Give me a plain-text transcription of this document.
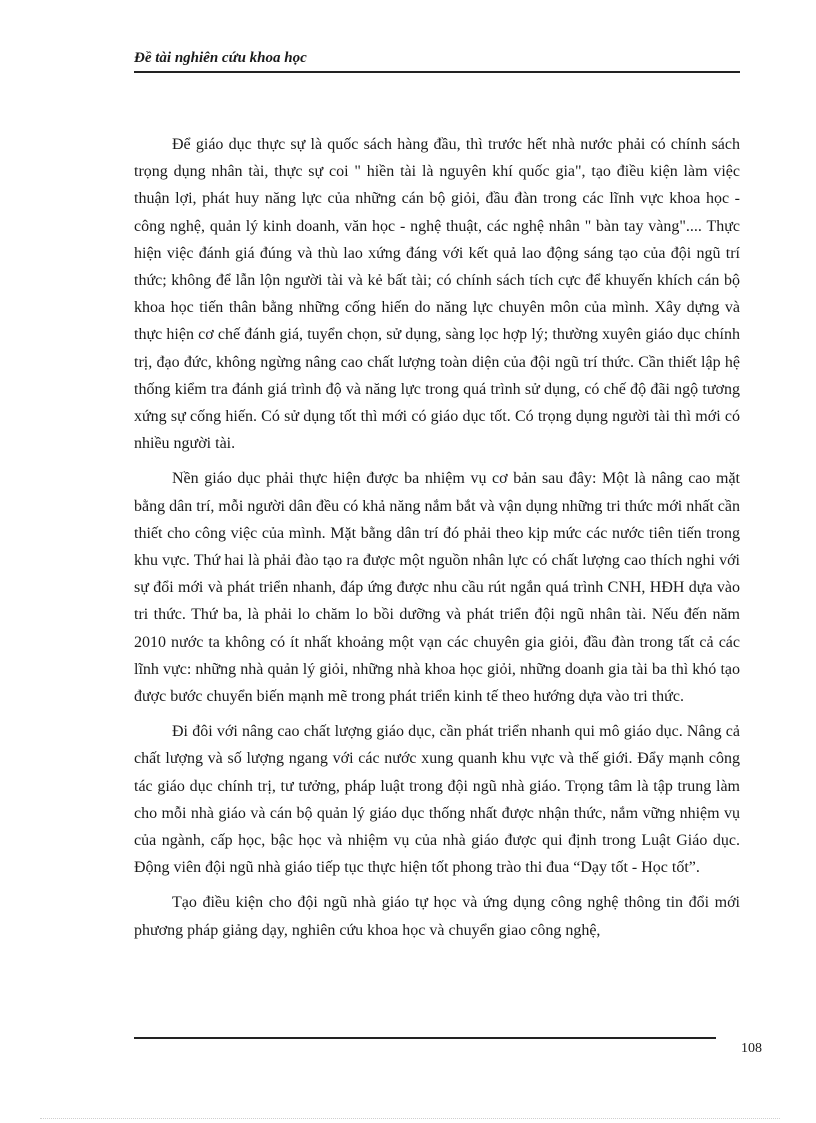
Đề tài nghiên cứu khoa học

Để giáo dục thực sự là quốc sách hàng đầu, thì trước hết nhà nước phải có chính sách trọng dụng nhân tài, thực sự coi " hiền tài là nguyên khí quốc gia", tạo điều kiện làm việc thuận lợi, phát huy năng lực của những cán bộ giỏi, đầu đàn trong các lĩnh vực khoa học - công nghệ, quản lý kinh doanh, văn học - nghệ thuật, các nghệ nhân " bàn tay vàng".... Thực hiện việc đánh giá đúng và thù lao xứng đáng với kết quả lao động sáng tạo của đội ngũ trí thức; không để lẫn lộn người tài và kẻ bất tài; có chính sách tích cực để khuyến khích cán bộ khoa học tiến thân bằng những cống hiến do năng lực chuyên môn của mình. Xây dựng và thực hiện cơ chế đánh giá, tuyển chọn, sử dụng, sàng lọc hợp lý; thường xuyên giáo dục chính trị, đạo đức, không ngừng nâng cao chất lượng toàn diện của đội ngũ trí thức. Cần thiết lập hệ thống kiểm tra đánh giá trình độ và năng lực trong quá trình sử dụng, có chế độ đãi ngộ tương xứng sự cống hiến. Có sử dụng tốt thì mới có giáo dục tốt. Có trọng dụng người tài thì mới có nhiều người tài.

Nền giáo dục phải thực hiện được ba nhiệm vụ cơ bản sau đây: Một là nâng cao mặt bằng dân trí, mỗi người dân đều có khả năng nắm bắt và vận dụng những tri thức mới nhất cần thiết cho công việc của mình. Mặt bằng dân trí đó phải theo kịp mức các nước tiên tiến trong khu vực. Thứ hai là phải đào tạo ra được một nguồn nhân lực có chất lượng cao thích nghi với sự đổi mới và phát triển nhanh, đáp ứng được nhu cầu rút ngắn quá trình CNH, HĐH dựa vào tri thức. Thứ ba, là phải lo chăm lo bồi dưỡng và phát triển đội ngũ nhân tài. Nếu đến năm 2010 nước ta không có ít nhất khoảng một vạn các chuyên gia giỏi, đầu đàn trong tất cả các lĩnh vực: những nhà quản lý giỏi, những nhà khoa học giỏi, những doanh gia tài ba thì khó tạo được bước chuyển biến mạnh mẽ trong phát triển kinh tế theo hướng dựa vào tri thức.

Đi đôi với nâng cao chất lượng giáo dục, cần phát triển nhanh qui mô giáo dục. Nâng cả chất lượng và số lượng ngang với các nước xung quanh khu vực và thế giới. Đẩy mạnh công tác giáo dục chính trị, tư tưởng, pháp luật trong đội ngũ nhà giáo. Trọng tâm là tập trung làm cho mỗi nhà giáo và cán bộ quản lý giáo dục thống nhất được nhận thức, nắm vững nhiệm vụ của ngành, cấp học, bậc học và nhiệm vụ của nhà giáo được qui định trong Luật Giáo dục. Động viên đội ngũ nhà giáo tiếp tục thực hiện tốt phong trào thi đua “Dạy tốt - Học tốt”.

Tạo điều kiện cho đội ngũ nhà giáo tự học và ứng dụng công nghệ thông tin đổi mới phương pháp giảng dạy, nghiên cứu khoa học và chuyển giao công nghệ,

108
